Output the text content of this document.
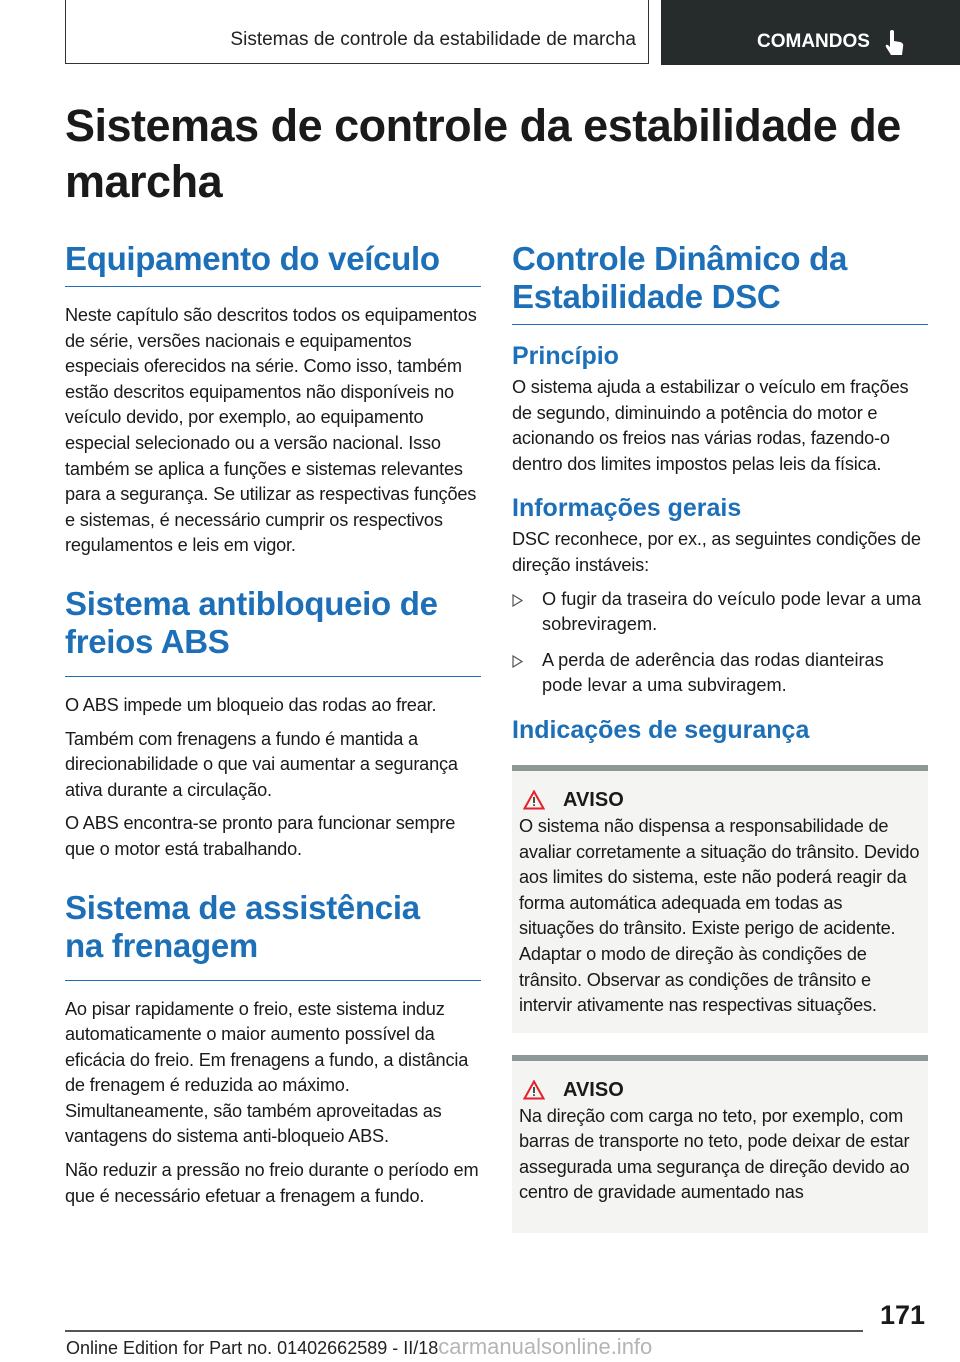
Sistemas de controle da estabilidade de marcha	COMANDOS
Sistemas de controle da estabilidade de marcha
Equipamento do veículo

Neste capítulo são descritos todos os equipamentos de série, versões nacionais e equipamentos especiais oferecidos na série. Como isso, também estão descritos equipamentos não disponíveis no veículo devido, por exemplo, ao equipamento especial selecionado ou a versão nacional. Isso também se aplica a funções e sistemas relevantes para a segurança. Se utilizar as respectivas funções e sistemas, é necessário cumprir os respectivos regulamentos e leis em vigor.

Sistema antibloqueio de freios ABS

O ABS impede um bloqueio das rodas ao frear.

Também com frenagens a fundo é mantida a direcionabilidade o que vai aumentar a segurança ativa durante a circulação.

O ABS encontra-se pronto para funcionar sempre que o motor está trabalhando.

Sistema de assistência na frenagem

Ao pisar rapidamente o freio, este sistema induz automaticamente o maior aumento possível da eficácia do freio. Em frenagens a fundo, a distância de frenagem é reduzida ao máximo. Simultaneamente, são também aproveitadas as vantagens do sistema anti-bloqueio ABS.

Não reduzir a pressão no freio durante o período em que é necessário efetuar a frenagem a fundo.

Controle Dinâmico da Estabilidade DSC
Princípio

O sistema ajuda a estabilizar o veículo em frações de segundo, diminuindo a potência do motor e acionando os freios nas várias rodas, fazendo-o dentro dos limites impostos pelas leis da física.

Informações gerais

DSC reconhece, por ex., as seguintes condições de direção instáveis:

O fugir da traseira do veículo pode levar a uma sobreviragem.
A perda de aderência das rodas dianteiras pode levar a uma subviragem.
Indicações de segurança
AVISO

O sistema não dispensa a responsabilidade de avaliar corretamente a situação do trânsito. Devido aos limites do sistema, este não poderá reagir da forma automática adequada em todas as situações do trânsito. Existe perigo de acidente. Adaptar o modo de direção às condições de trânsito. Observar as condições de trânsito e intervir ativamente nas respectivas situações.

AVISO

Na direção com carga no teto, por exemplo, com barras de transporte no teto, pode deixar de estar assegurada uma segurança de direção devido ao centro de gravidade aumentado nas

171
Online Edition for Part no. 01402662589 - II/18carmanualsonline.info
